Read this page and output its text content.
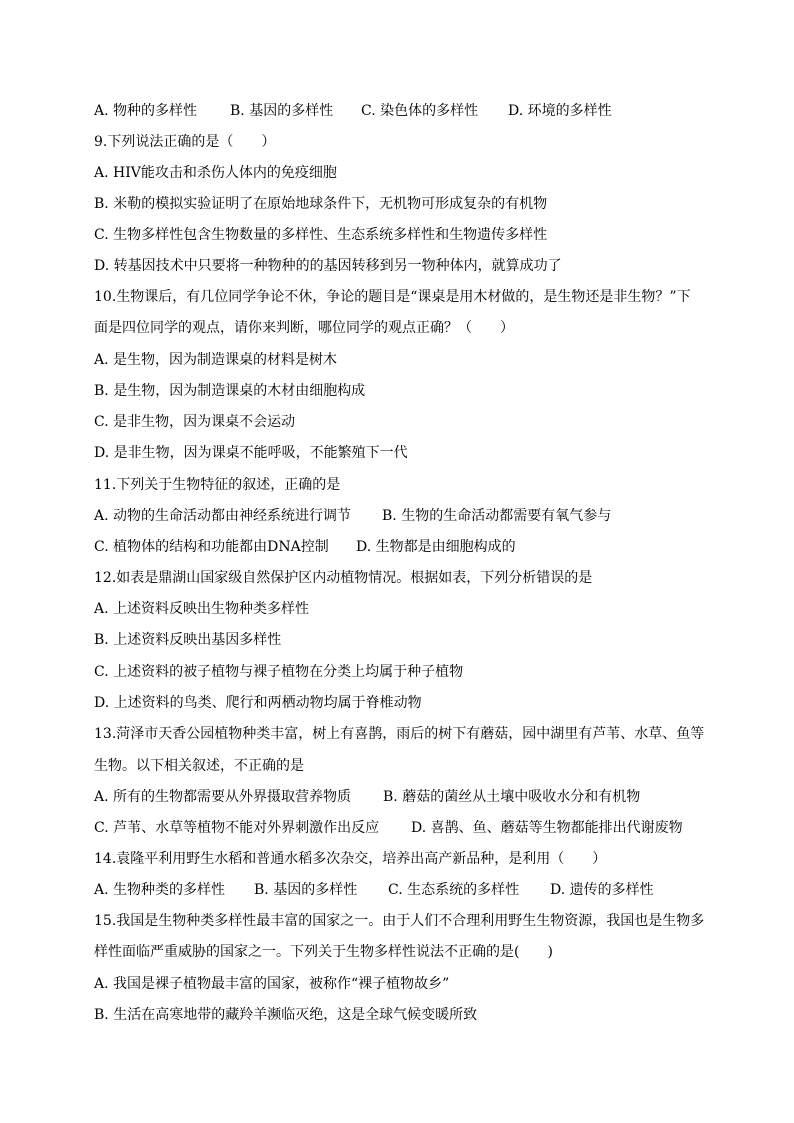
A. 物种的多样性 B. 基因的多样性 C. 染色体的多样性 D. 环境的多样性
9.下列说法正确的是（　　）
A. HIV能攻击和杀伤人体内的免疫细胞
B. 米勒的模拟实验证明了在原始地球条件下，无机物可形成复杂的有机物
C. 生物多样性包含生物数量的多样性、生态系统多样性和生物遗传多样性
D. 转基因技术中只要将一种物种的的基因转移到另一物种体内，就算成功了
10.生物课后，有几位同学争论不休，争论的题目是“课桌是用木材做的，是生物还是非生物？”下
面是四位同学的观点，请你来判断，哪位同学的观点正确？（　　）
A. 是生物，因为制造课桌的材料是树木
B. 是生物，因为制造课桌的木材由细胞构成
C. 是非生物，因为课桌不会运动
D. 是非生物，因为课桌不能呼吸，不能繁殖下一代
11.下列关于生物特征的叙述，正确的是
A. 动物的生命活动都由神经系统进行调节 B. 生物的生命活动都需要有氧气参与
C. 植物体的结构和功能都由DNA控制 D. 生物都是由细胞构成的
12.如表是鼎湖山国家级自然保护区内动植物情况。根据如表，下列分析错误的是
A. 上述资料反映出生物种类多样性
B. 上述资料反映出基因多样性
C. 上述资料的被子植物与裸子植物在分类上均属于种子植物
D. 上述资料的鸟类、爬行和两栖动物均属于脊椎动物
13.菏泽市天香公园植物种类丰富，树上有喜鹊，雨后的树下有蘑菇，园中湖里有芦苇、水草、鱼等
生物。以下相关叙述，不正确的是
A. 所有的生物都需要从外界摄取营养物质 B. 蘑菇的菌丝从土壤中吸收水分和有机物
C. 芦苇、水草等植物不能对外界刺激作出反应 D. 喜鹊、鱼、蘑菇等生物都能排出代谢废物
14.袁隆平利用野生水稻和普通水稻多次杂交，培养出高产新品种，是利用（　　）
A. 生物种类的多样性 B. 基因的多样性 C. 生态系统的多样性 D. 遗传的多样性
15.我国是生物种类多样性最丰富的国家之一。由于人们不合理利用野生生物资源，我国也是生物多
样性面临严重威胁的国家之一。下列关于生物多样性说法不正确的是(　　)
A. 我国是裸子植物最丰富的国家，被称作“裸子植物故乡”
B. 生活在高寒地带的藏羚羊濒临灭绝，这是全球气候变暖所致
